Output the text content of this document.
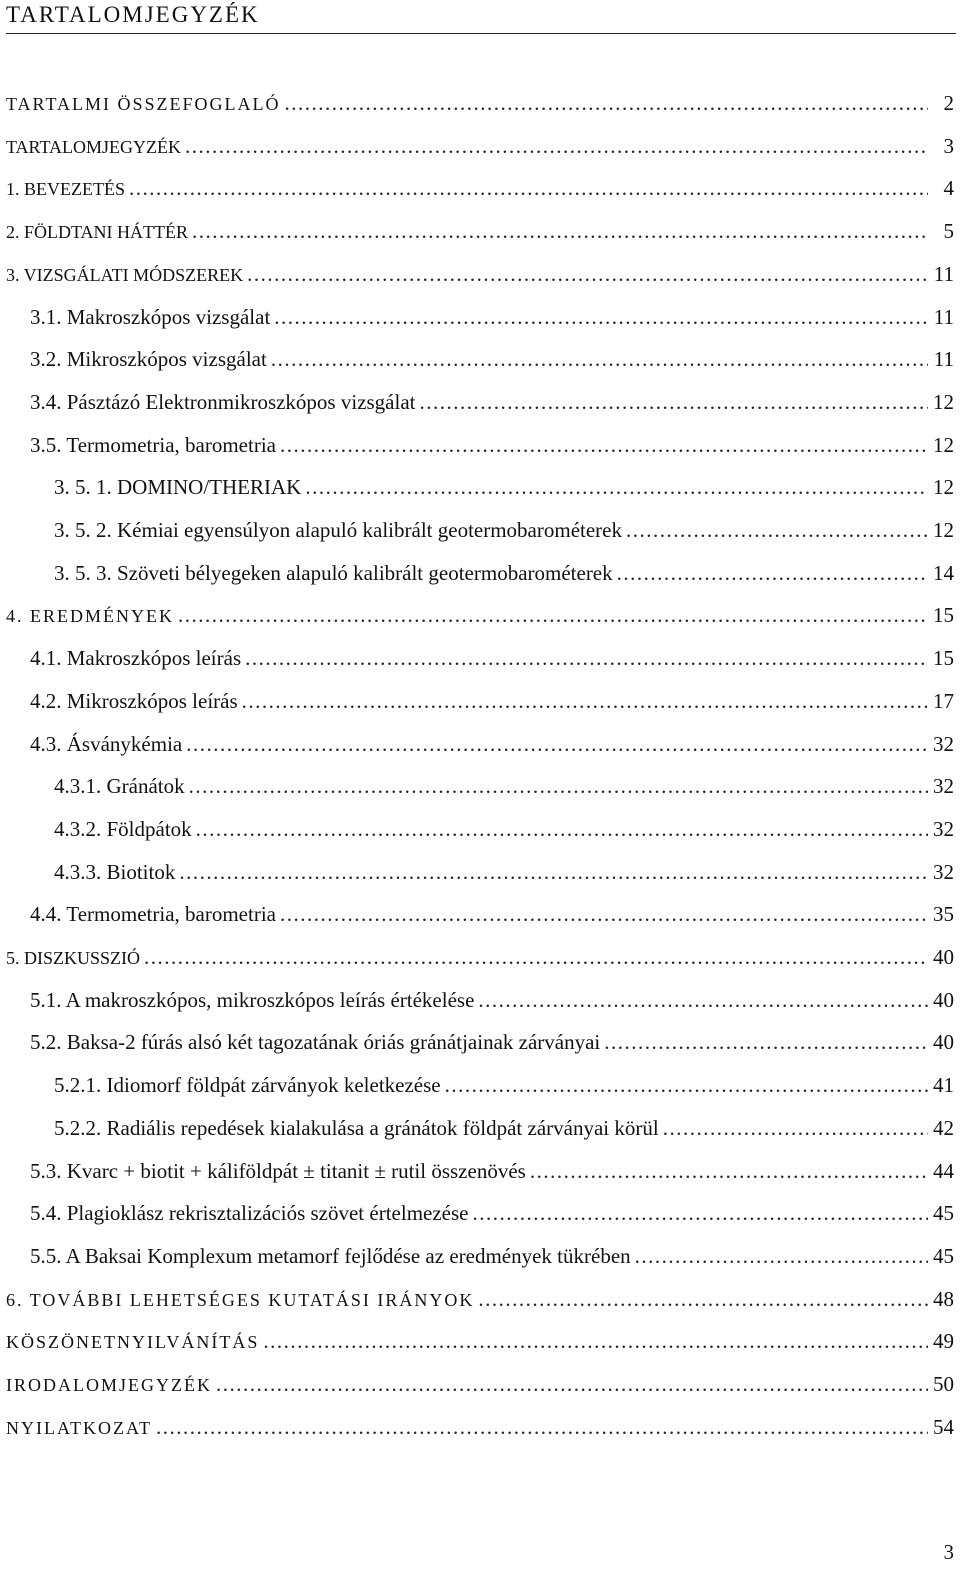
TARTALOMJEGYZÉK
TARTALMI ÖSSZEFOGLALÓ .....	2
TARTALOMJEGYZÉK .....	3
1. BEVEZETÉS .....	4
2. FÖLDTANI HÁTTÉR .....	5
3. VIZSGÁLATI MÓDSZEREK .....	11
3.1. Makroszkópos vizsgálat .....	11
3.2. Mikroszkópos vizsgálat .....	11
3.4. Pásztázó Elektronmikroszkópos vizsgálat .....	12
3.5. Termometria, barometria .....	12
3. 5. 1. DOMINO/THERIAK .....	12
3. 5. 2. Kémiai egyensúlyon alapuló kalibrált geotermobarométerek .....	12
3. 5. 3. Szöveti bélyegeken alapuló kalibrált geotermobarométerek .....	14
4. EREDMÉNYEK .....	15
4.1. Makroszkópos leírás .....	15
4.2. Mikroszkópos leírás .....	17
4.3. Ásványkémia .....	32
4.3.1. Gránátok .....	32
4.3.2. Földpátok .....	32
4.3.3. Biotitok .....	32
4.4. Termometria, barometria .....	35
5. DISZKUSSZIÓ .....	40
5.1. A makroszkópos, mikroszkópos leírás értékelése .....	40
5.2. Baksa-2 fúrás alsó két tagozatának óriás gránátjainak zárványai .....	40
5.2.1. Idiomorf földpát zárványok keletkezése .....	41
5.2.2. Radiális repedések kialakulása a gránátok földpát zárványai körül .....	42
5.3. Kvarc + biotit + káliföldpát ± titanit ± rutil összenövés .....	44
5.4. Plagioklász rekrisztalizációs szövet értelmezése .....	45
5.5. A Baksai Komplexum metamorf fejlődése az eredmények tükrében .....	45
6. TOVÁBBI LEHETSÉGES KUTATÁSI IRÁNYOK .....	48
KÖSZÖNETNYILVÁNÍTÁS .....	49
IRODALOMJEGYZÉK .....	50
NYILATKOZAT .....	54
3
